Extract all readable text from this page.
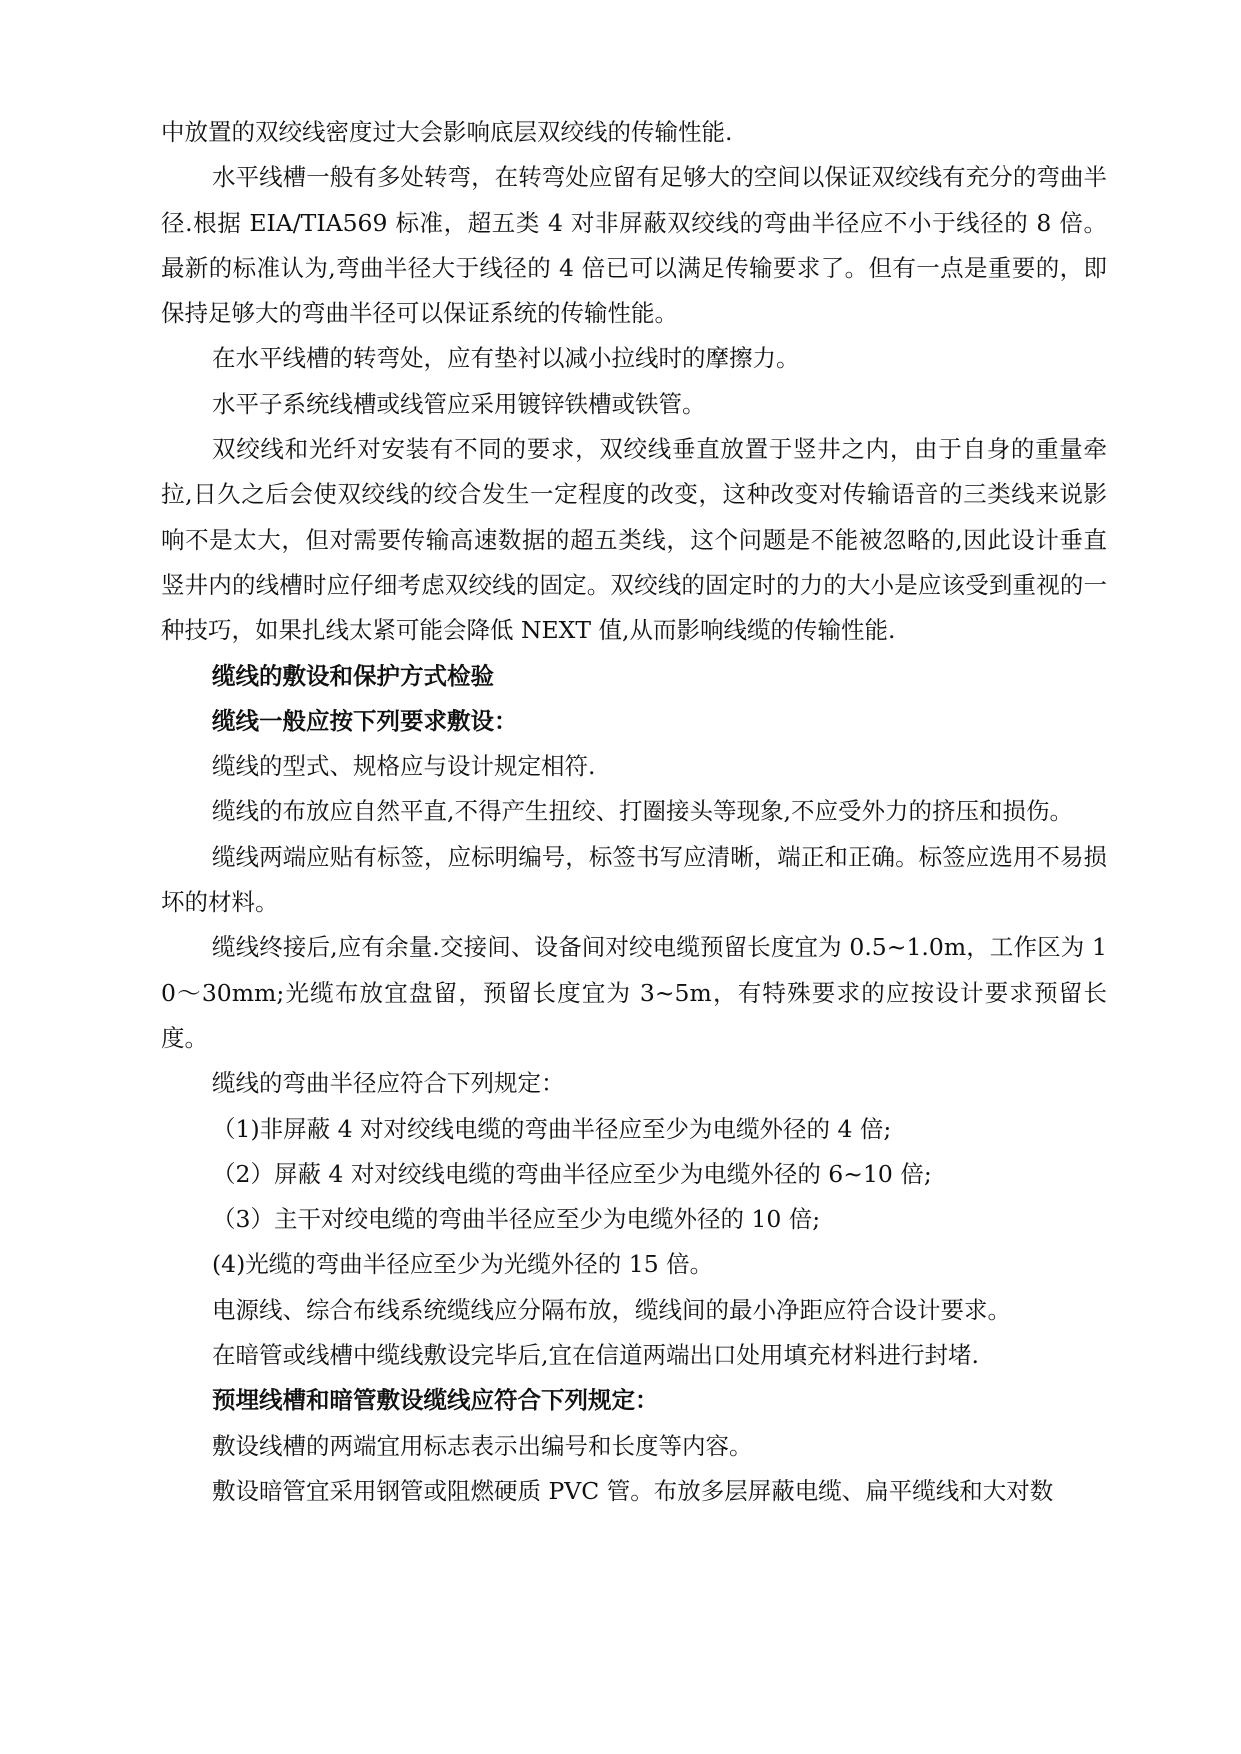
中放置的双绞线密度过大会影响底层双绞线的传输性能.

水平线槽一般有多处转弯，在转弯处应留有足够大的空间以保证双绞线有充分的弯曲半径.根据 EIA/TIA569 标准，超五类 4 对非屏蔽双绞线的弯曲半径应不小于线径的 8 倍。最新的标准认为,弯曲半径大于线径的 4 倍已可以满足传输要求了。但有一点是重要的，即保持足够大的弯曲半径可以保证系统的传输性能。

在水平线槽的转弯处，应有垫衬以减小拉线时的摩擦力。

水平子系统线槽或线管应采用镀锌铁槽或铁管。

双绞线和光纤对安装有不同的要求，双绞线垂直放置于竖井之内，由于自身的重量牵拉,日久之后会使双绞线的绞合发生一定程度的改变，这种改变对传输语音的三类线来说影响不是太大，但对需要传输高速数据的超五类线，这个问题是不能被忽略的,因此设计垂直竖井内的线槽时应仔细考虑双绞线的固定。双绞线的固定时的力的大小是应该受到重视的一种技巧，如果扎线太紧可能会降低 NEXT 值,从而影响线缆的传输性能.

缆线的敷设和保护方式检验

缆线一般应按下列要求敷设：

缆线的型式、规格应与设计规定相符.

缆线的布放应自然平直,不得产生扭绞、打圈接头等现象,不应受外力的挤压和损伤。

缆线两端应贴有标签，应标明编号，标签书写应清晰，端正和正确。标签应选用不易损坏的材料。

缆线终接后,应有余量.交接间、设备间对绞电缆预留长度宜为 0.5~1.0m，工作区为 10～30mm;光缆布放宜盘留，预留长度宜为 3~5m，有特殊要求的应按设计要求预留长度。

缆线的弯曲半径应符合下列规定：

（1)非屏蔽 4 对对绞线电缆的弯曲半径应至少为电缆外径的 4 倍;

（2）屏蔽 4 对对绞线电缆的弯曲半径应至少为电缆外径的 6~10 倍;

（3）主干对绞电缆的弯曲半径应至少为电缆外径的 10 倍;

(4)光缆的弯曲半径应至少为光缆外径的 15 倍。

电源线、综合布线系统缆线应分隔布放，缆线间的最小净距应符合设计要求。

在暗管或线槽中缆线敷设完毕后,宜在信道两端出口处用填充材料进行封堵.

预埋线槽和暗管敷设缆线应符合下列规定：

敷设线槽的两端宜用标志表示出编号和长度等内容。

敷设暗管宜采用钢管或阻燃硬质 PVC 管。布放多层屏蔽电缆、扁平缆线和大对数
